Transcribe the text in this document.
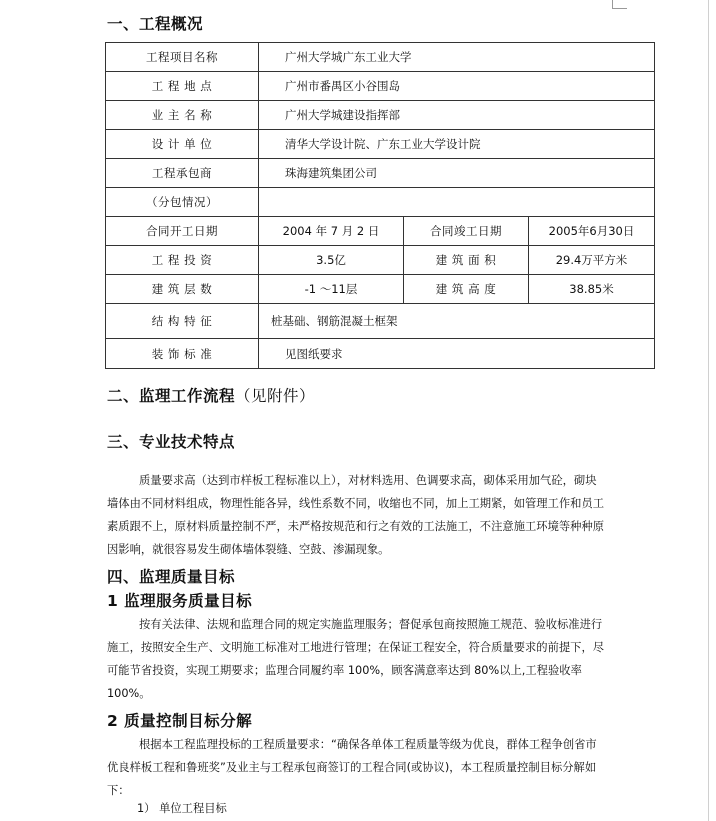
一、工程概况
工程项目名称	广州大学城广东工业大学		
工 程 地 点	广州市番禺区小谷围岛		
业 主 名 称	广州大学城建设指挥部		
设 计 单 位	清华大学设计院、广东工业大学设计院		
工程承包商	珠海建筑集团公司		
（分包情况）			
合同开工日期	2004 年 7 月 2 日	合同竣工日期	2005年6月30日
工 程 投 资	3.5亿	建 筑 面 积	29.4万平方米
建 筑 层 数	-1 ～11层	建 筑 高 度	38.85米
结 构 特 征	桩基础、钢筋混凝土框架		
装 饰 标 准	见图纸要求		
二、监理工作流程（见附件）
三、专业技术特点

质量要求高（达到市样板工程标准以上），对材料选用、色调要求高，砌体采用加气砼，砌块墙体由不同材料组成，物理性能各异，线性系数不同，收缩也不同，加上工期紧，如管理工作和员工素质跟不上，原材料质量控制不严，未严格按规范和行之有效的工法施工，不注意施工环境等种种原因影响，就很容易发生砌体墙体裂缝、空鼓、渗漏现象。

四、监理质量目标
1 监理服务质量目标

按有关法律、法规和监理合同的规定实施监理服务；督促承包商按照施工规范、验收标准进行施工，按照安全生产、文明施工标准对工地进行管理；在保证工程安全，符合质量要求的前提下，尽可能节省投资，实现工期要求；监理合同履约率 100%，顾客满意率达到 80%以上,工程验收率 100%。

2 质量控制目标分解

根据本工程监理投标的工程质量要求：“确保各单体工程质量等级为优良，群体工程争创省市优良样板工程和鲁班奖”及业主与工程承包商签订的工程合同(或协议)，本工程质量控制目标分解如下：

1） 单位工程目标
